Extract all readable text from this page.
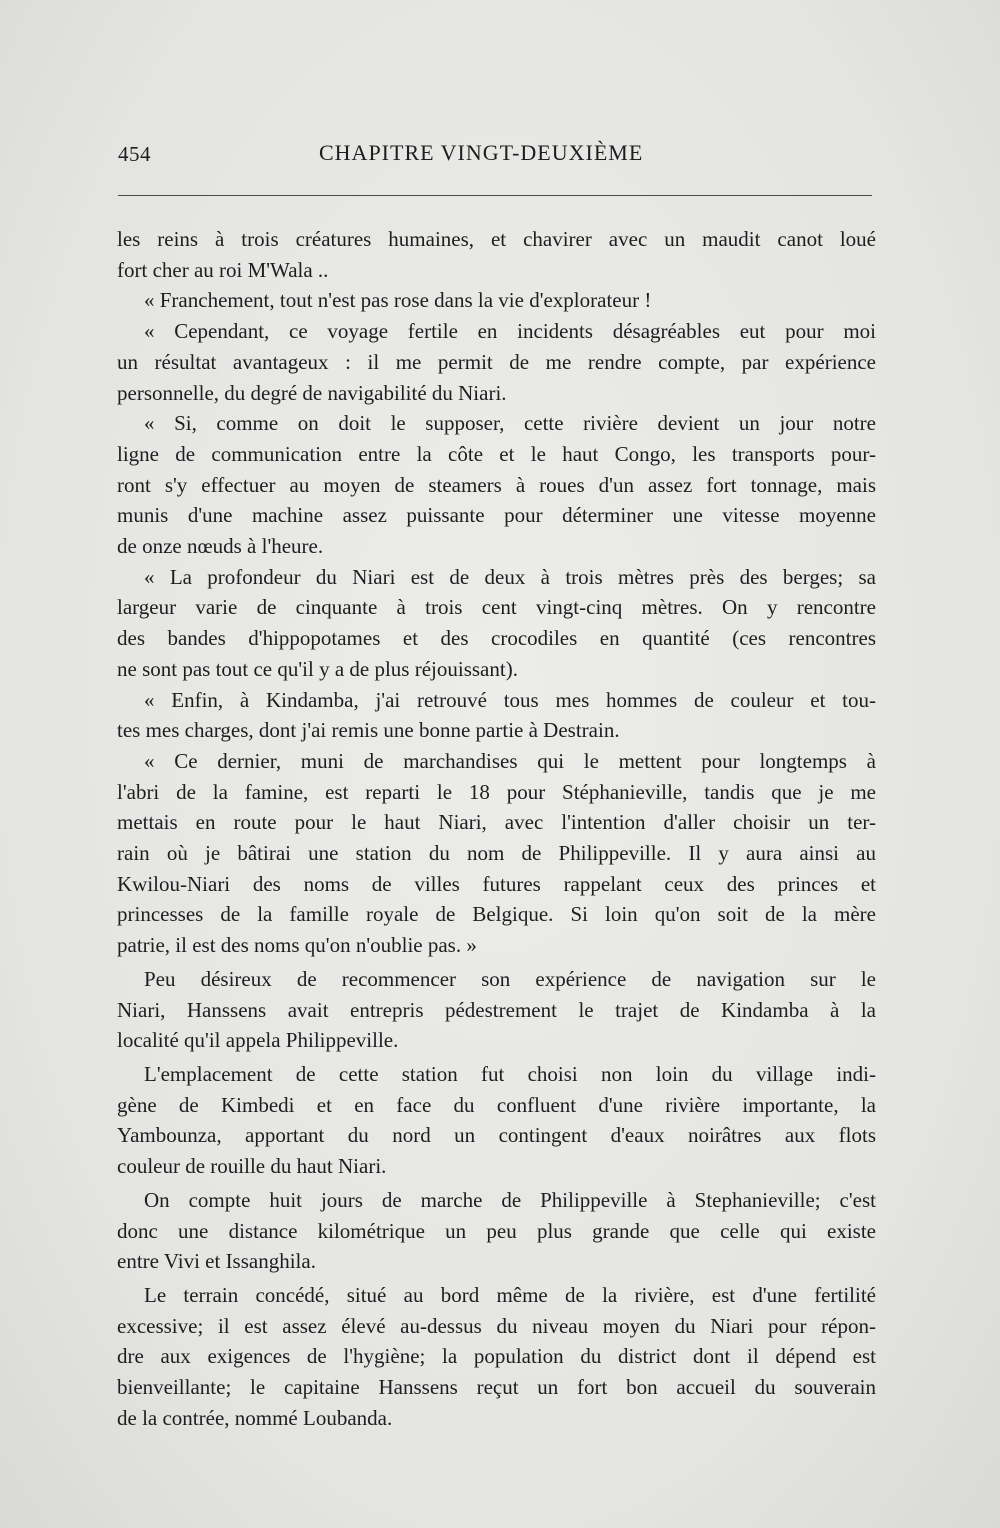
454	CHAPITRE VINGT-DEUXIÈME
les reins à trois créatures humaines, et chavirer avec un maudit canot loué
fort cher au roi M'Wala ..
« Franchement, tout n'est pas rose dans la vie d'explorateur !
« Cependant, ce voyage fertile en incidents désagréables eut pour moi
un résultat avantageux : il me permit de me rendre compte, par expérience
personnelle, du degré de navigabilité du Niari.
« Si, comme on doit le supposer, cette rivière devient un jour notre
ligne de communication entre la côte et le haut Congo, les transports pour-
ront s'y effectuer au moyen de steamers à roues d'un assez fort tonnage, mais
munis d'une machine assez puissante pour déterminer une vitesse moyenne
de onze nœuds à l'heure.
« La profondeur du Niari est de deux à trois mètres près des berges; sa
largeur varie de cinquante à trois cent vingt-cinq mètres. On y rencontre
des bandes d'hippopotames et des crocodiles en quantité (ces rencontres
ne sont pas tout ce qu'il y a de plus réjouissant).
« Enfin, à Kindamba, j'ai retrouvé tous mes hommes de couleur et tou-
tes mes charges, dont j'ai remis une bonne partie à Destrain.
« Ce dernier, muni de marchandises qui le mettent pour longtemps à
l'abri de la famine, est reparti le 18 pour Stéphanieville, tandis que je me
mettais en route pour le haut Niari, avec l'intention d'aller choisir un ter-
rain où je bâtirai une station du nom de Philippeville. Il y aura ainsi au
Kwilou-Niari des noms de villes futures rappelant ceux des princes et
princesses de la famille royale de Belgique. Si loin qu'on soit de la mère
patrie, il est des noms qu'on n'oublie pas. »
Peu désireux de recommencer son expérience de navigation sur le
Niari, Hanssens avait entrepris pédestrement le trajet de Kindamba à la
localité qu'il appela Philippeville.
L'emplacement de cette station fut choisi non loin du village indi-
gène de Kimbedi et en face du confluent d'une rivière importante, la
Yambounza, apportant du nord un contingent d'eaux noirâtres aux flots
couleur de rouille du haut Niari.
On compte huit jours de marche de Philippeville à Stephanieville; c'est
donc une distance kilométrique un peu plus grande que celle qui existe
entre Vivi et Issanghila.
Le terrain concédé, situé au bord même de la rivière, est d'une fertilité
excessive; il est assez élevé au-dessus du niveau moyen du Niari pour répon-
dre aux exigences de l'hygiène; la population du district dont il dépend est
bienveillante; le capitaine Hanssens reçut un fort bon accueil du souverain
de la contrée, nommé Loubanda.
